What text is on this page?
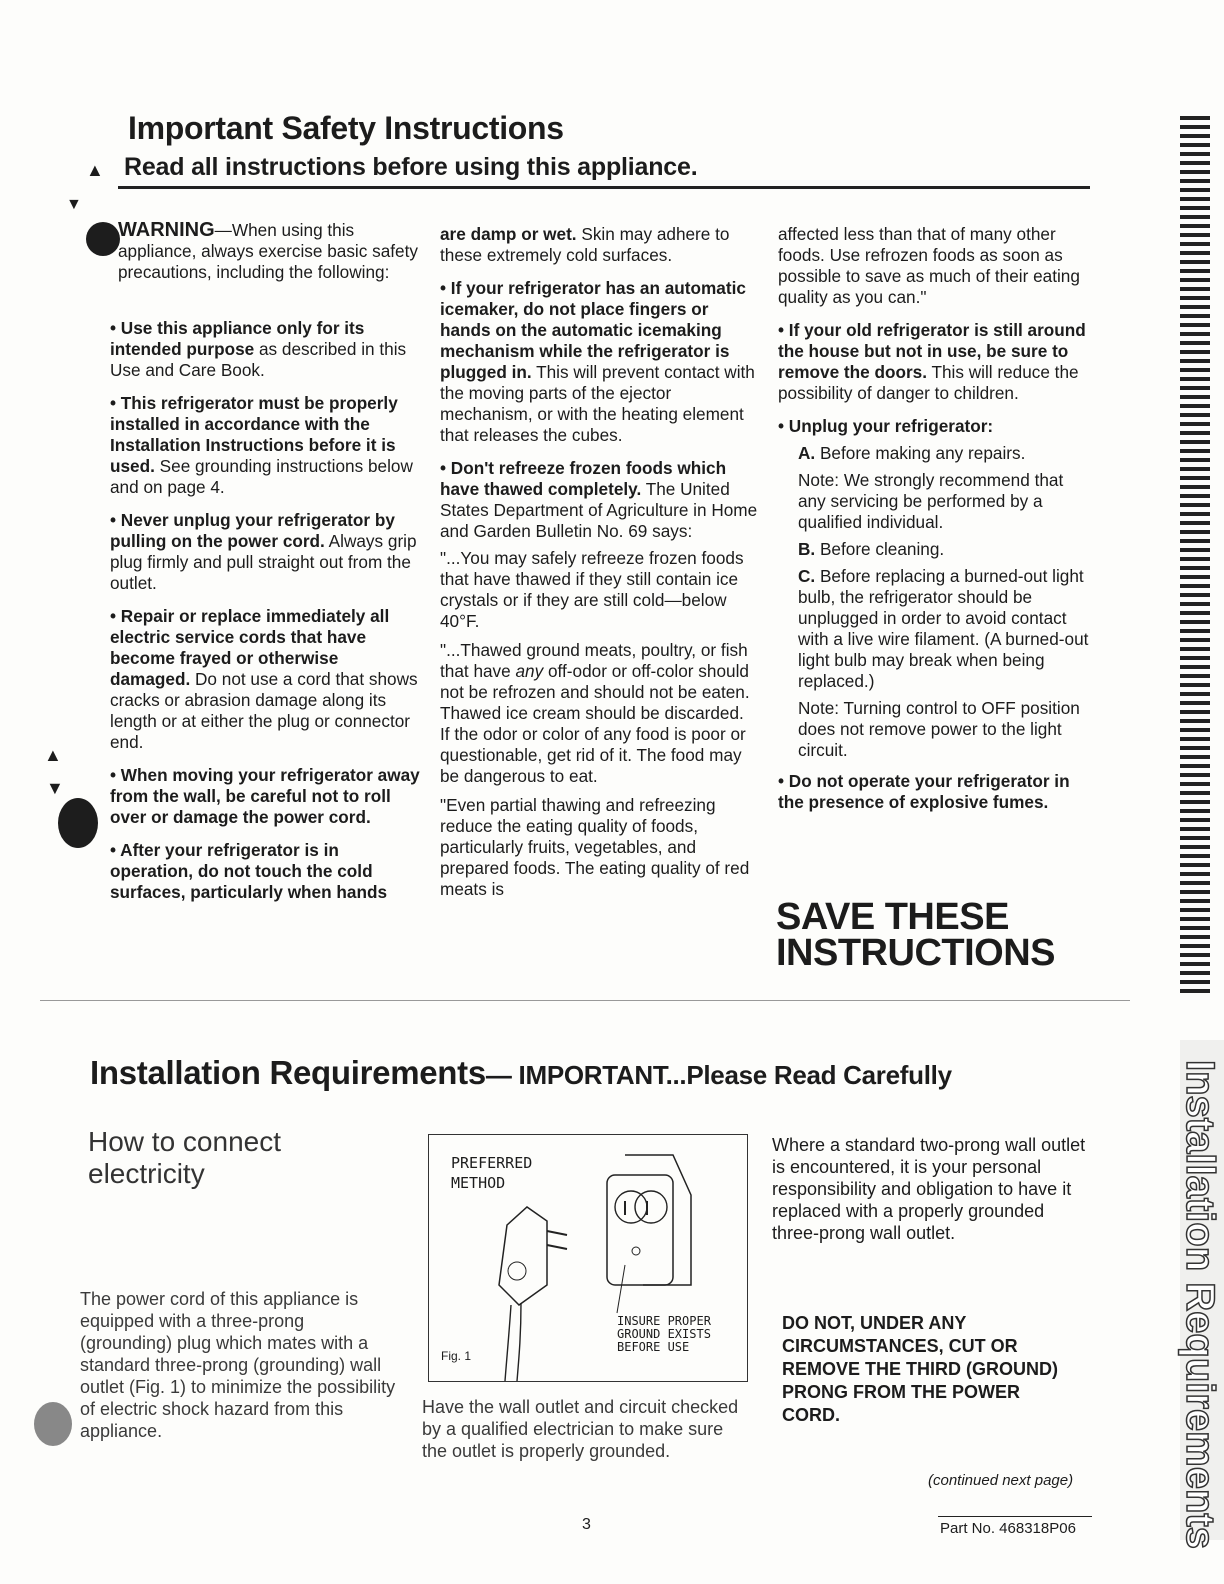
Important Safety Instructions
▲ Read all instructions before using this appliance.
▼

WARNING—When using this appliance, always exercise basic safety precautions, including the following:

• Use this appliance only for its intended purpose as described in this Use and Care Book.

• This refrigerator must be properly installed in accordance with the Installation Instructions before it is used. See grounding instructions below and on page 4.

• Never unplug your refrigerator by pulling on the power cord. Always grip plug firmly and pull straight out from the outlet.

• Repair or replace immediately all electric service cords that have become frayed or otherwise damaged. Do not use a cord that shows cracks or abrasion damage along its length or at either the plug or connector end.

• When moving your refrigerator away from the wall, be careful not to roll over or damage the power cord.

• After your refrigerator is in operation, do not touch the cold surfaces, particularly when hands

▲
▼

are damp or wet. Skin may adhere to these extremely cold surfaces.

• If your refrigerator has an automatic icemaker, do not place fingers or hands on the automatic icemaking mechanism while the refrigerator is plugged in. This will prevent contact with the moving parts of the ejector mechanism, or with the heating element that releases the cubes.

• Don't refreeze frozen foods which have thawed completely. The United States Department of Agriculture in Home and Garden Bulletin No. 69 says:

"...You may safely refreeze frozen foods that have thawed if they still contain ice crystals or if they are still cold—below 40°F.

"...Thawed ground meats, poultry, or fish that have any off-odor or off-color should not be refrozen and should not be eaten. Thawed ice cream should be discarded. If the odor or color of any food is poor or questionable, get rid of it. The food may be dangerous to eat.

"Even partial thawing and refreezing reduce the eating quality of foods, particularly fruits, vegetables, and prepared foods. The eating quality of red meats is

affected less than that of many other foods. Use refrozen foods as soon as possible to save as much of their eating quality as you can."

• If your old refrigerator is still around the house but not in use, be sure to remove the doors. This will reduce the possibility of danger to children.

• Unplug your refrigerator:

A. Before making any repairs.

Note: We strongly recommend that any servicing be performed by a qualified individual.

B. Before cleaning.

C. Before replacing a burned-out light bulb, the refrigerator should be unplugged in order to avoid contact with a live wire filament. (A burned-out light bulb may break when being replaced.)

Note: Turning control to OFF position does not remove power to the light circuit.

• Do not operate your refrigerator in the presence of explosive fumes.

SAVE THESE
INSTRUCTIONS
Installation Requirements— IMPORTANT...Please Read Carefully
How to connect
electricity
The power cord of this appliance is equipped with a three-prong (grounding) plug which mates with a standard three-prong (grounding) wall outlet (Fig. 1) to minimize the possibility of electric shock hazard from this appliance.
PREFERRED
METHOD
INSURE PROPER
GROUND EXISTS
BEFORE USE
Fig. 1
Have the wall outlet and circuit checked by a qualified electrician to make sure the outlet is properly grounded.
Where a standard two-prong wall outlet is encountered, it is your personal responsibility and obligation to have it replaced with a properly grounded three-prong wall outlet.
DO NOT, UNDER ANY CIRCUMSTANCES, CUT OR REMOVE THE THIRD (GROUND) PRONG FROM THE POWER CORD.
(continued next page)
3	Part No. 468318P06	Installation Requirements
